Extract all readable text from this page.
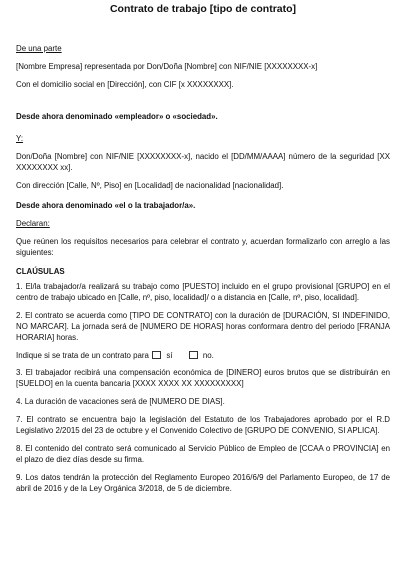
Contrato de trabajo [tipo de contrato]

De una parte

[Nombre Empresa] representada por Don/Doña [Nombre] con NIF/NIE [XXXXXXXX-x]

Con el domicilio social en [Dirección], con CIF [x XXXXXXXX].

Desde ahora denominado «empleador» o «sociedad».

Y:

Don/Doña [Nombre] con NIF/NIE [XXXXXXXX-x], nacido el [DD/MM/AAAA] número de la seguridad [XX XXXXXXXX xx].

Con dirección [Calle, Nº, Piso] en [Localidad] de nacionalidad [nacionalidad].

Desde ahora denominado «el o la trabajador/a».

Declaran:

Que reúnen los requisitos necesarios para celebrar el contrato y, acuerdan formalizarlo con arreglo a las siguientes:

CLAÚSULAS

1. El/la trabajador/a realizará su trabajo como [PUESTO] incluido en el grupo provisional [GRUPO] en el centro de trabajo ubicado en [Calle, nº, piso, localidad]/ o a distancia en [Calle, nº, piso, localidad].

2. El contrato se acuerda como [TIPO DE CONTRATO] con la duración de [DURACIÓN, SI INDEFINIDO, NO MARCAR]. La jornada será de [NUMERO DE HORAS] horas conformara dentro del periodo [FRANJA HORARIA] horas.

Indique si se trata de un contrato para sí	no.

3. El trabajador recibirá una compensación económica de [DINERO] euros brutos que se distribuirán en [SUELDO] en la cuenta bancaria [XXXX XXXX XX XXXXXXXXX]

4. La duración de vacaciones será de [NUMERO DE DIAS].

7. El contrato se encuentra bajo la legislación del Estatuto de los Trabajadores aprobado por el R.D Legislativo 2/2015 del 23 de octubre y el Convenido Colectivo de [GRUPO DE CONVENIO, SI APLICA].

8. El contenido del contrato será comunicado al Servicio Público de Empleo de [CCAA o PROVINCIA] en el plazo de diez días desde su firma.

9. Los datos tendrán la protección del Reglamento Europeo 2016/6/9 del Parlamento Europeo, de 17 de abril de 2016 y de la Ley Orgánica 3/2018, de 5 de diciembre.
